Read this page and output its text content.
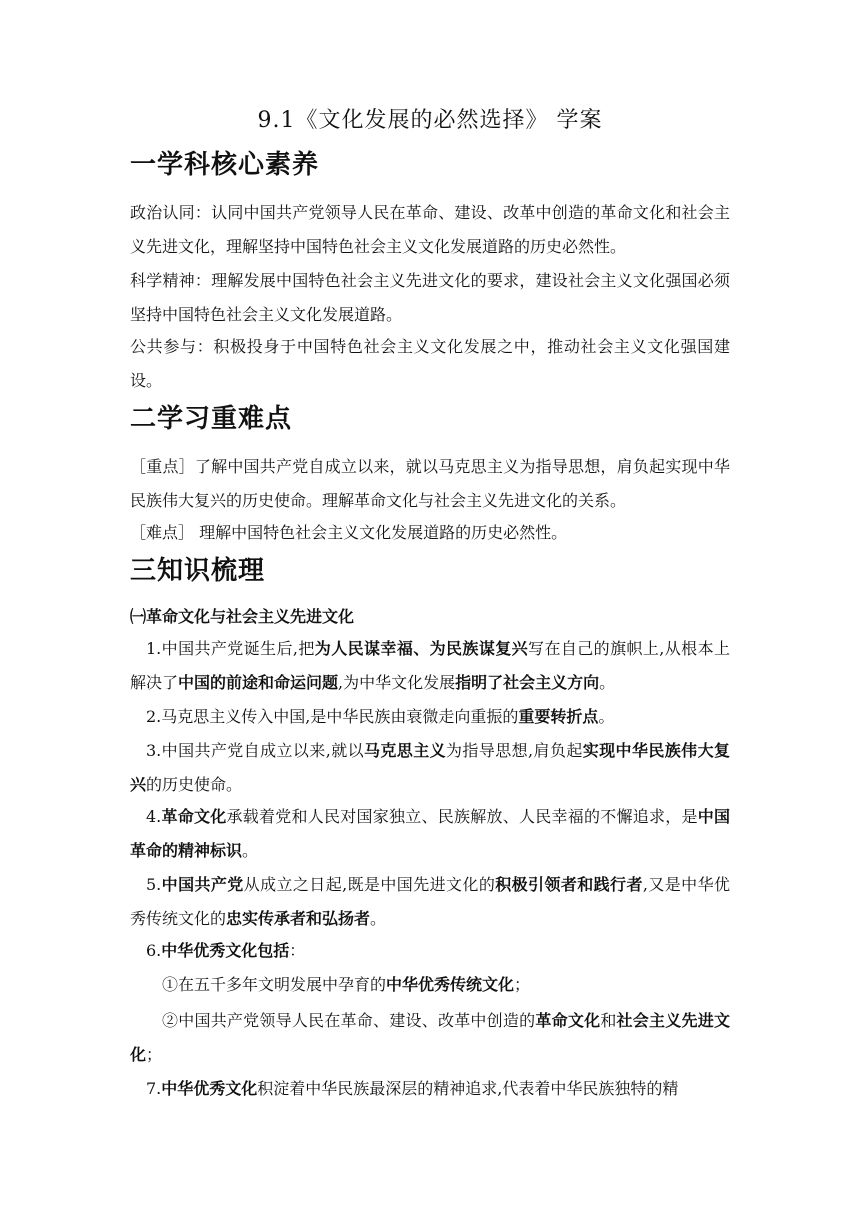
9.1《文化发展的必然选择》 学案
一学科核心素养

政治认同：认同中国共产党领导人民在革命、建设、改革中创造的革命文化和社会主义先进文化，理解坚持中国特色社会主义文化发展道路的历史必然性。

科学精神：理解发展中国特色社会主义先进文化的要求，建设社会主义文化强国必须坚持中国特色社会主义文化发展道路。

公共参与：积极投身于中国特色社会主义文化发展之中，推动社会主义文化强国建设。

二学习重难点

［重点］了解中国共产党自成立以来，就以马克思主义为指导思想，肩负起实现中华民族伟大复兴的历史使命。理解革命文化与社会主义先进文化的关系。

［难点］ 理解中国特色社会主义文化发展道路的历史必然性。

三知识梳理
㈠革命文化与社会主义先进文化

1.中国共产党诞生后,把为人民谋幸福、为民族谋复兴写在自己的旗帜上,从根本上解决了中国的前途和命运问题,为中华文化发展指明了社会主义方向。

2.马克思主义传入中国,是中华民族由衰微走向重振的重要转折点。

3.中国共产党自成立以来,就以马克思主义为指导思想,肩负起实现中华民族伟大复兴的历史使命。

4.革命文化承载着党和人民对国家独立、民族解放、人民幸福的不懈追求，是中国革命的精神标识。

5.中国共产党从成立之日起,既是中国先进文化的积极引领者和践行者,又是中华优秀传统文化的忠实传承者和弘扬者。

6.中华优秀文化包括：

①在五千多年文明发展中孕育的中华优秀传统文化；

②中国共产党领导人民在革命、建设、改革中创造的革命文化和社会主义先进文化；

7.中华优秀文化积淀着中华民族最深层的精神追求,代表着中华民族独特的精
